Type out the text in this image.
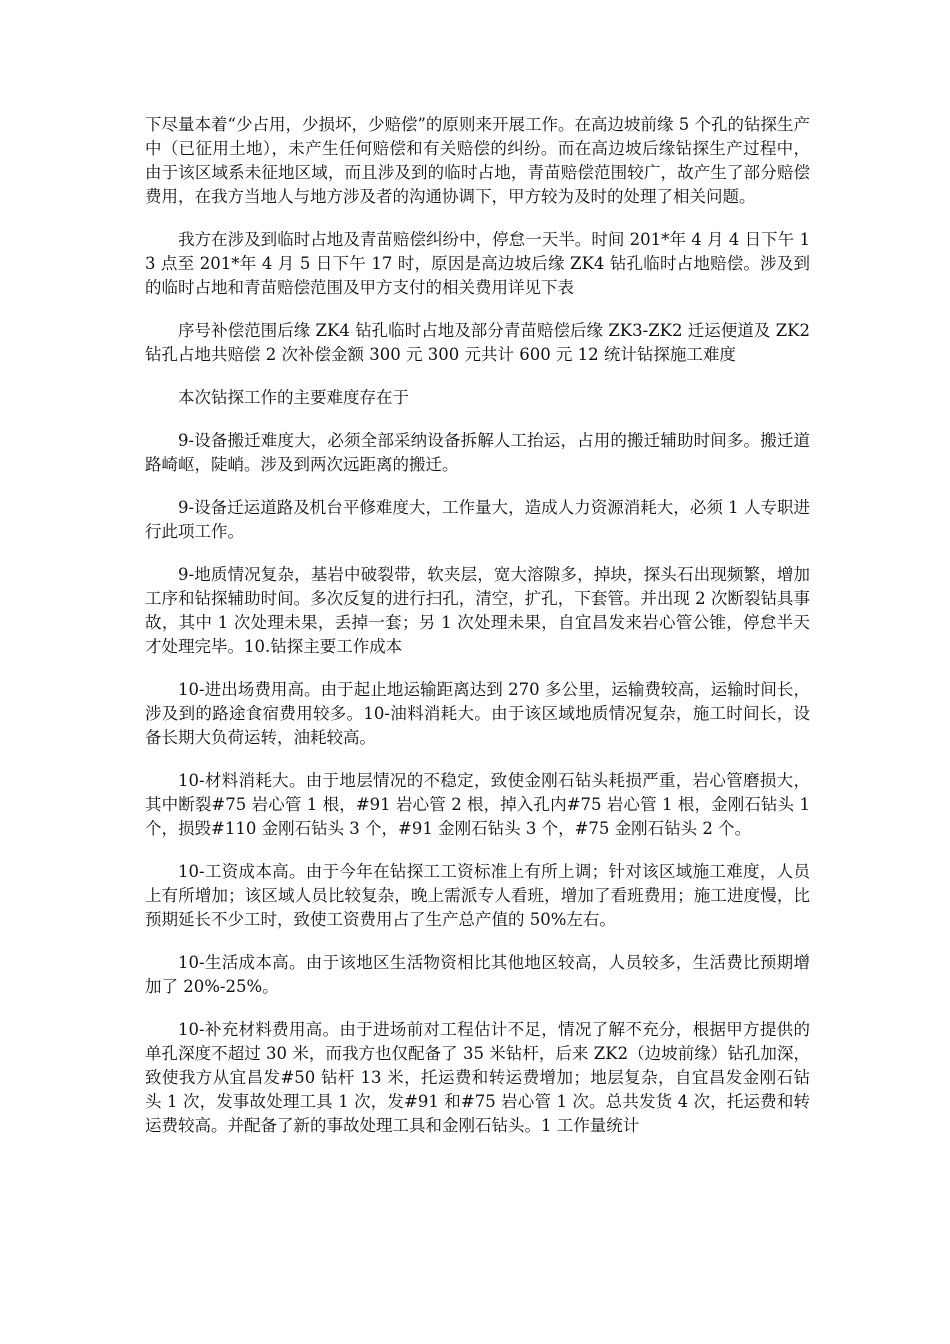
下尽量本着“少占用，少损坏，少赔偿”的原则来开展工作。在高边坡前缘 5 个孔的钻探生产中（已征用土地），未产生任何赔偿和有关赔偿的纠纷。而在高边坡后缘钻探生产过程中，由于该区域系未征地区域，而且涉及到的临时占地，青苗赔偿范围较广，故产生了部分赔偿费用，在我方当地人与地方涉及者的沟通协调下，甲方较为及时的处理了相关问题。

我方在涉及到临时占地及青苗赔偿纠纷中，停怠一天半。时间 201*年 4 月 4 日下午 13 点至 201*年 4 月 5 日下午 17 时，原因是高边坡后缘 ZK4 钻孔临时占地赔偿。涉及到的临时占地和青苗赔偿范围及甲方支付的相关费用详见下表

序号补偿范围后缘 ZK4 钻孔临时占地及部分青苗赔偿后缘 ZK3-ZK2 迁运便道及 ZK2 钻孔占地共赔偿 2 次补偿金额 300 元 300 元共计 600 元 12 统计钻探施工难度

本次钻探工作的主要难度存在于

9-设备搬迁难度大，必须全部采纳设备拆解人工抬运，占用的搬迁辅助时间多。搬迁道路崎岖，陡峭。涉及到两次远距离的搬迁。

9-设备迁运道路及机台平修难度大，工作量大，造成人力资源消耗大，必须 1 人专职进行此项工作。

9-地质情况复杂，基岩中破裂带，软夹层，宽大溶隙多，掉块，探头石出现频繁，增加工序和钻探辅助时间。多次反复的进行扫孔，清空，扩孔，下套管。并出现 2 次断裂钻具事故，其中 1 次处理未果，丢掉一套；另 1 次处理未果，自宜昌发来岩心管公锥，停怠半天才处理完毕。10.钻探主要工作成本

10-进出场费用高。由于起止地运输距离达到 270 多公里，运输费较高，运输时间长，涉及到的路途食宿费用较多。10-油料消耗大。由于该区域地质情况复杂，施工时间长，设备长期大负荷运转，油耗较高。

10-材料消耗大。由于地层情况的不稳定，致使金刚石钻头耗损严重，岩心管磨损大，其中断裂#75 岩心管 1 根，#91 岩心管 2 根，掉入孔内#75 岩心管 1 根，金刚石钻头 1 个，损毁#110 金刚石钻头 3 个，#91 金刚石钻头 3 个，#75 金刚石钻头 2 个。

10-工资成本高。由于今年在钻探工工资标准上有所上调；针对该区域施工难度，人员上有所增加；该区域人员比较复杂，晚上需派专人看班，增加了看班费用；施工进度慢，比预期延长不少工时，致使工资费用占了生产总产值的 50%左右。

10-生活成本高。由于该地区生活物资相比其他地区较高，人员较多，生活费比预期增加了 20%-25%。

10-补充材料费用高。由于进场前对工程估计不足，情况了解不充分，根据甲方提供的单孔深度不超过 30 米，而我方也仅配备了 35 米钻杆，后来 ZK2（边坡前缘）钻孔加深，致使我方从宜昌发#50 钻杆 13 米，托运费和转运费增加；地层复杂，自宜昌发金刚石钻头 1 次，发事故处理工具 1 次，发#91 和#75 岩心管 1 次。总共发货 4 次，托运费和转运费较高。并配备了新的事故处理工具和金刚石钻头。1 工作量统计
